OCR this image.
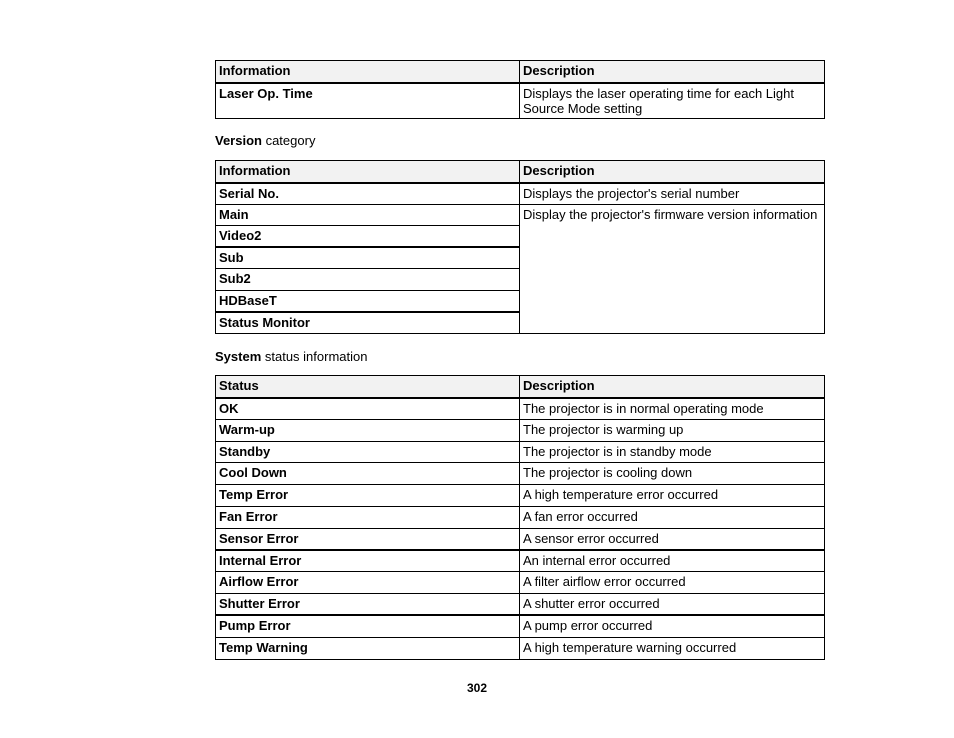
Information	Description
Laser Op. Time	Displays the laser operating time for each Light Source Mode setting
Version category
Information	Description
Serial No.	Displays the projector's serial number
Main	Display the projector's firmware version information
Video2	
Sub	
Sub2	
HDBaseT	
Status Monitor	
System status information
Status	Description
OK	The projector is in normal operating mode
Warm-up	The projector is warming up
Standby	The projector is in standby mode
Cool Down	The projector is cooling down
Temp Error	A high temperature error occurred
Fan Error	A fan error occurred
Sensor Error	A sensor error occurred
Internal Error	An internal error occurred
Airflow Error	A filter airflow error occurred
Shutter Error	A shutter error occurred
Pump Error	A pump error occurred
Temp Warning	A high temperature warning occurred
302
